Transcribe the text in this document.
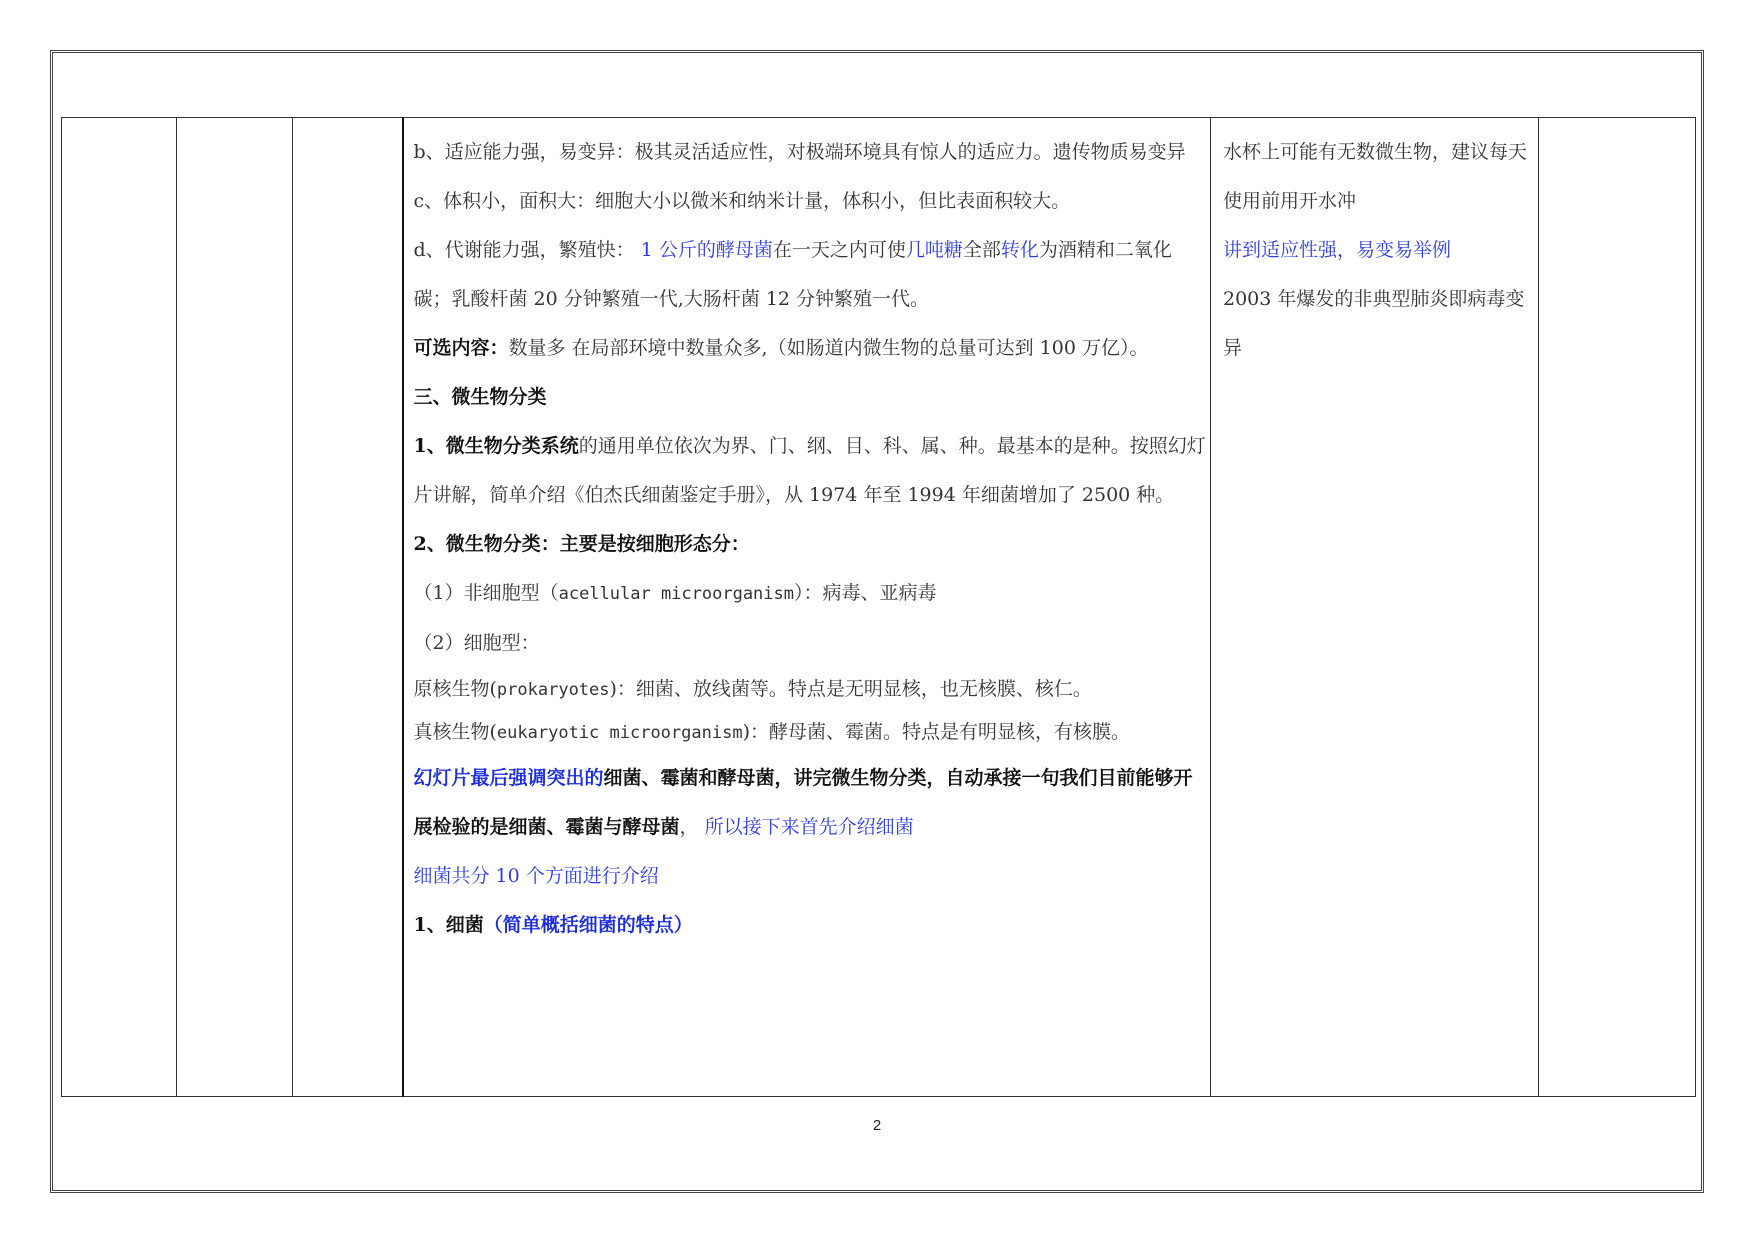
b、适应能力强，易变异：极其灵活适应性，对极端环境具有惊人的适应力。遗传物质易变异

c、体积小，面积大：细胞大小以微米和纳米计量，体积小，但比表面积较大。

d、代谢能力强，繁殖快： 1 公斤的酵母菌在一天之内可使几吨糖全部转化为酒精和二氧化碳；乳酸杆菌 20 分钟繁殖一代,大肠杆菌 12 分钟繁殖一代。

可选内容：数量多 在局部环境中数量众多,（如肠道内微生物的总量可达到 100 万亿）。

三、微生物分类

1、微生物分类系统的通用单位依次为界、门、纲、目、科、属、种。最基本的是种。按照幻灯片讲解，简单介绍《伯杰氏细菌鉴定手册》，从 1974 年至 1994 年细菌增加了 2500 种。

2、微生物分类：主要是按细胞形态分：

（1）非细胞型（acellular microorganism）：病毒、亚病毒

（2）细胞型：

原核生物(prokaryotes)：细菌、放线菌等。特点是无明显核，也无核膜、核仁。

真核生物(eukaryotic microorganism)：酵母菌、霉菌。特点是有明显核，有核膜。

幻灯片最后强调突出的细菌、霉菌和酵母菌，讲完微生物分类，自动承接一句我们目前能够开展检验的是细菌、霉菌与酵母菌， 所以接下来首先介绍细菌

细菌共分 10 个方面进行介绍

1、细菌（简单概括细菌的特点）

水杯上可能有无数微生物，建议每天使用前用开水冲

讲到适应性强，易变易举例

2003 年爆发的非典型肺炎即病毒变异

2
